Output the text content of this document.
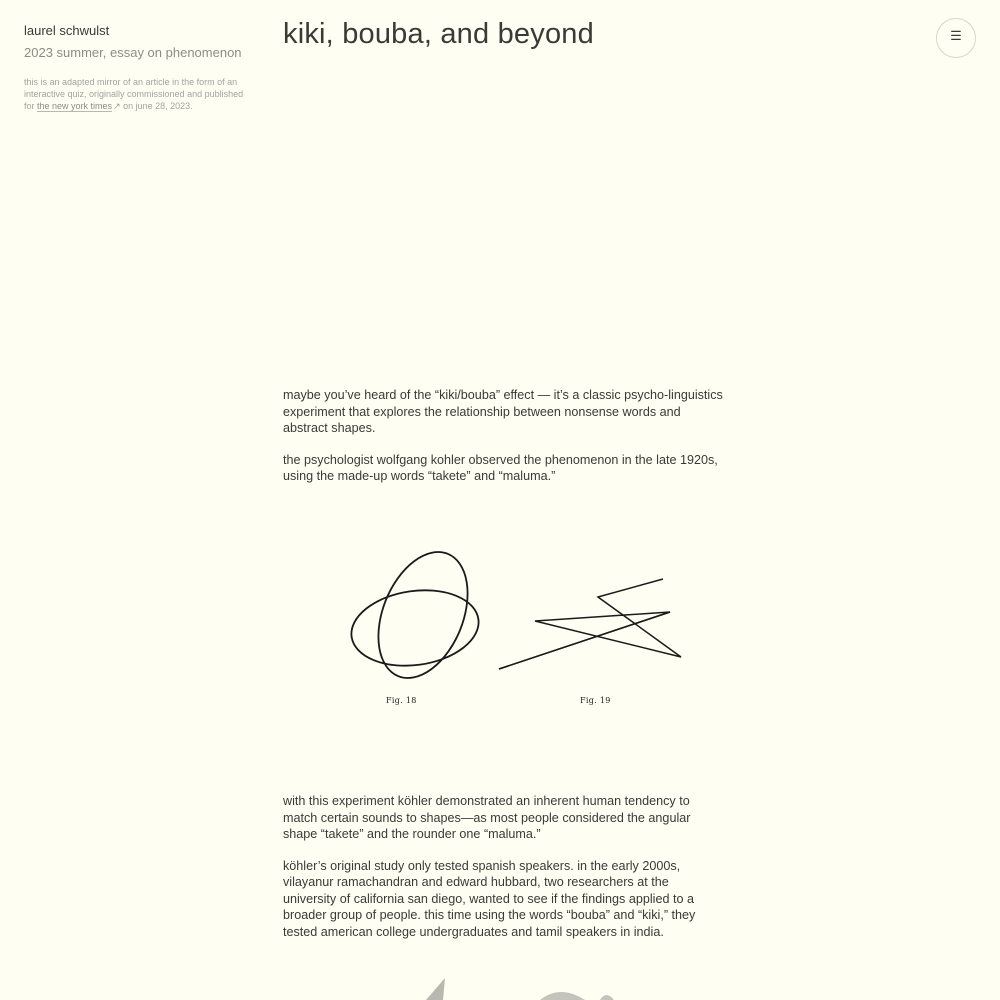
laurel schwulst

2023 summer, essay on phenomenon

this is an adapted mirror of an article in the form of an interactive quiz, originally commissioned and published for the new york times↗ on june 28, 2023.

kiki, bouba, and beyond	☰

maybe you’ve heard of the “kiki/bouba” effect — it’s a classic psycho-linguistics experiment that explores the relationship between nonsense words and abstract shapes.

the psychologist wolfgang kohler observed the phenomenon in the late 1920s, using the made-up words “takete” and “maluma.”

Fig. 18	Fig. 19

with this experiment köhler demonstrated an inherent human tendency to match certain sounds to shapes—as most people considered the angular shape “takete” and the rounder one “maluma.”

köhler’s original study only tested spanish speakers. in the early 2000s, vilayanur ramachandran and edward hubbard, two researchers at the university of california san diego, wanted to see if the findings applied to a broader group of people. this time using the words “bouba” and “kiki,” they tested american college undergraduates and tamil speakers in india.
